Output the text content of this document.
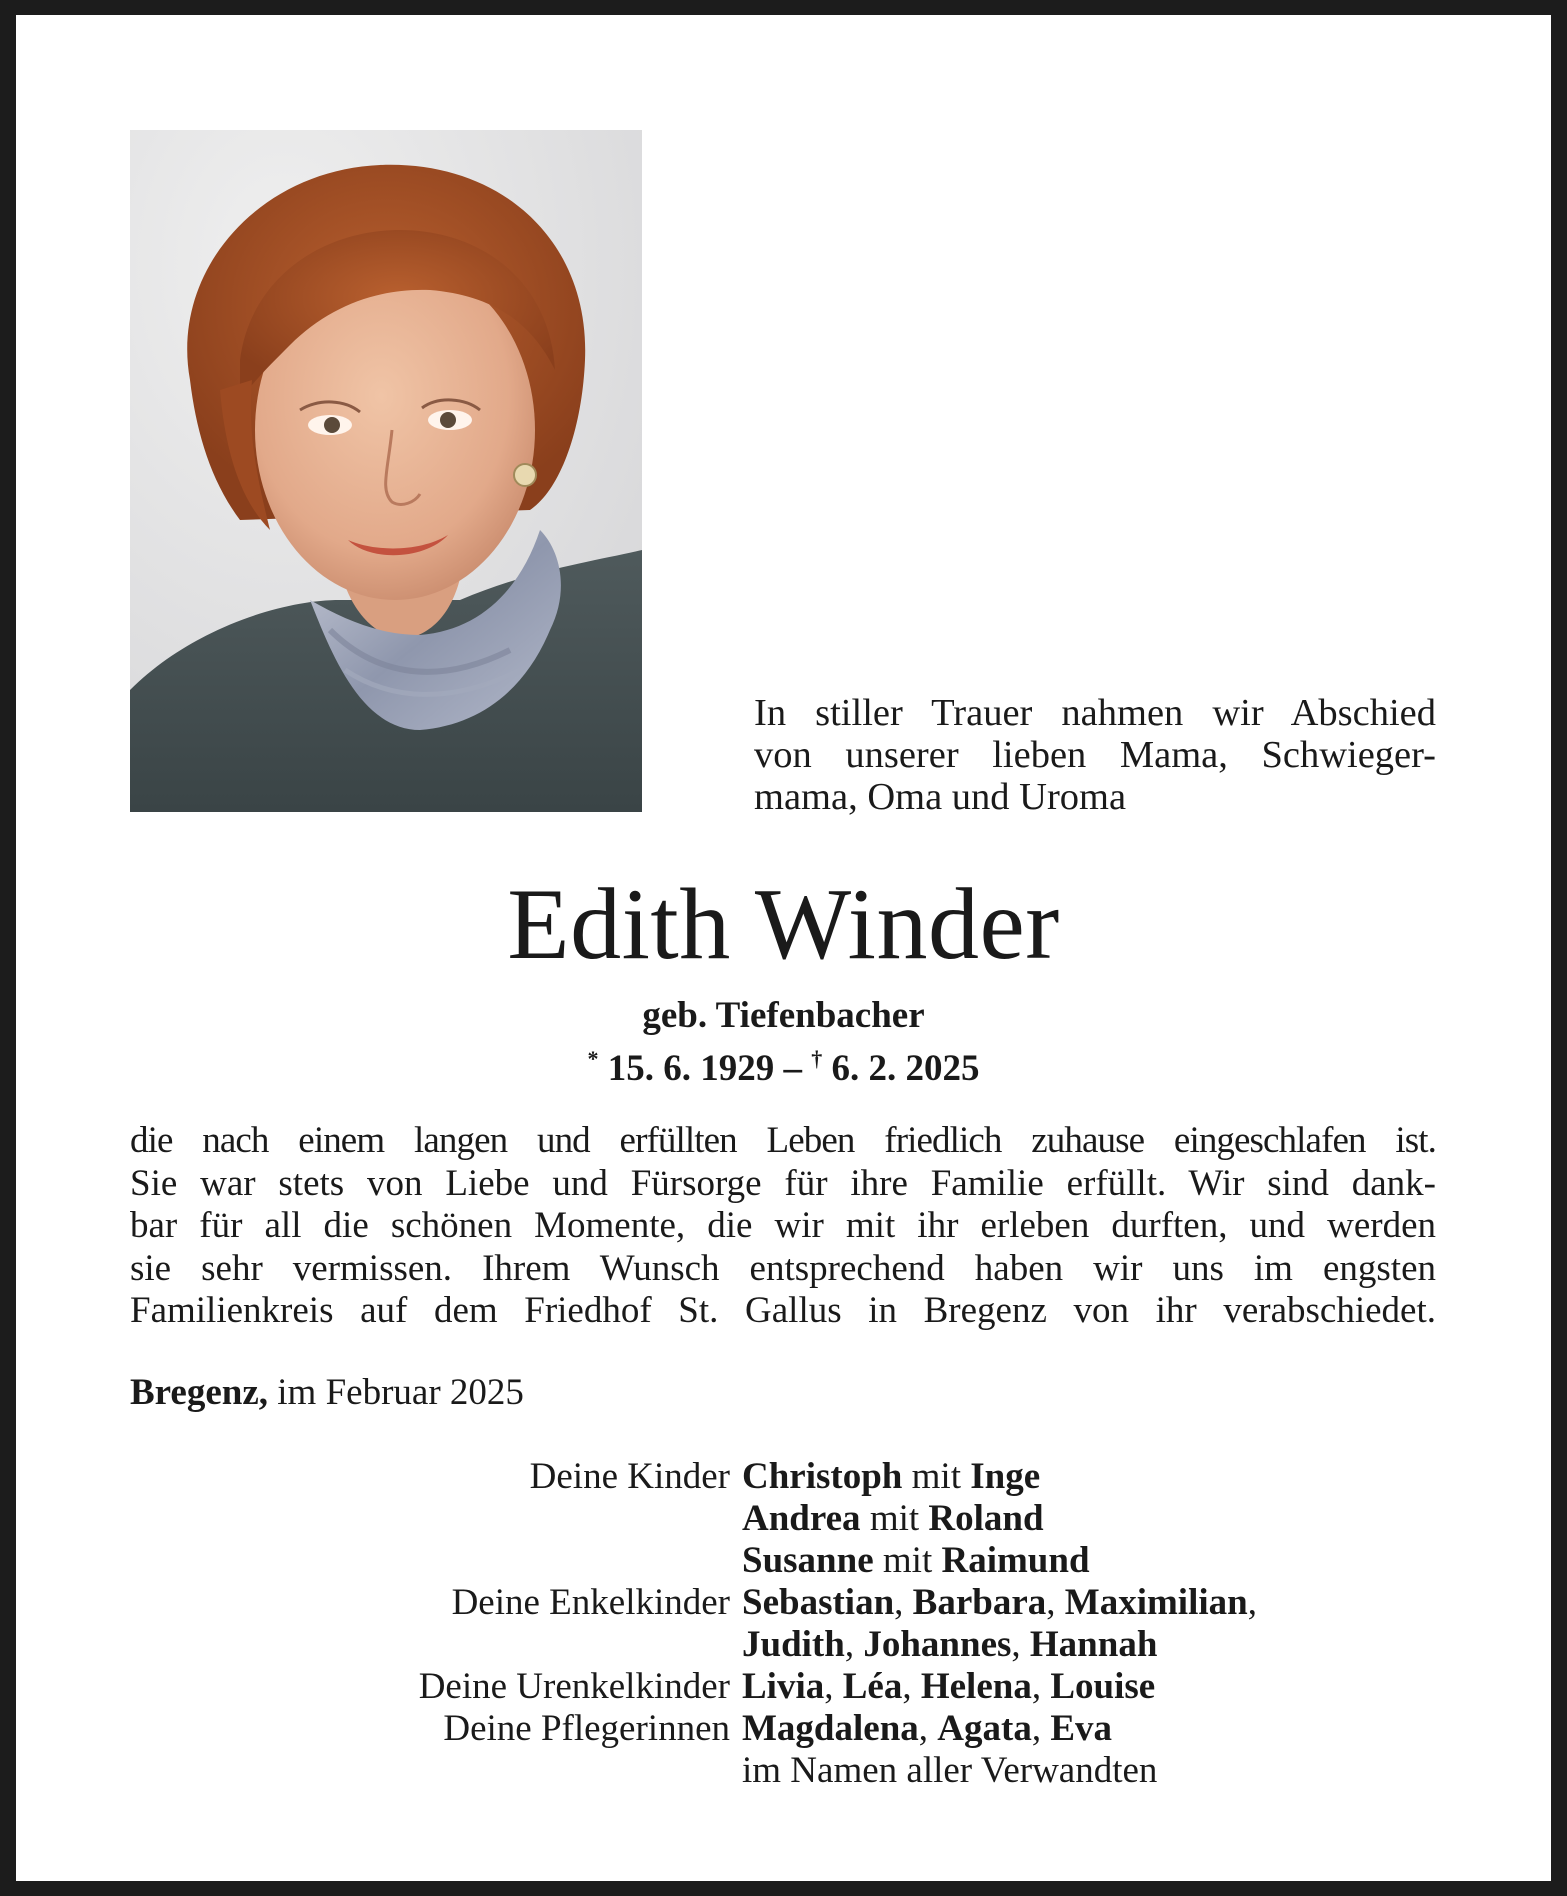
In stiller Trauer nahmen wir Abschied
von unserer lieben Mama, Schwieger-
mama, Oma und Uroma
Edith Winder
geb. Tiefenbacher
* 15. 6. 1929 – † 6. 2. 2025
die nach einem langen und erfüllten Leben friedlich zuhause eingeschlafen ist.
Sie war stets von Liebe und Fürsorge für ihre Familie erfüllt. Wir sind dank-
bar für all die schönen Momente, die wir mit ihr erleben durften, und werden
sie sehr vermissen. Ihrem Wunsch entsprechend haben wir uns im engsten
Familienkreis auf dem Friedhof St. Gallus in Bregenz von ihr verabschiedet.
Bregenz, im Februar 2025
Deine Kinder Christoph mit Inge
Andrea mit Roland
Susanne mit Raimund
Deine Enkelkinder Sebastian, Barbara, Maximilian,
Judith, Johannes, Hannah
Deine Urenkelkinder Livia, Léa, Helena, Louise
Deine Pflegerinnen Magdalena, Agata, Eva
im Namen aller Verwandten
